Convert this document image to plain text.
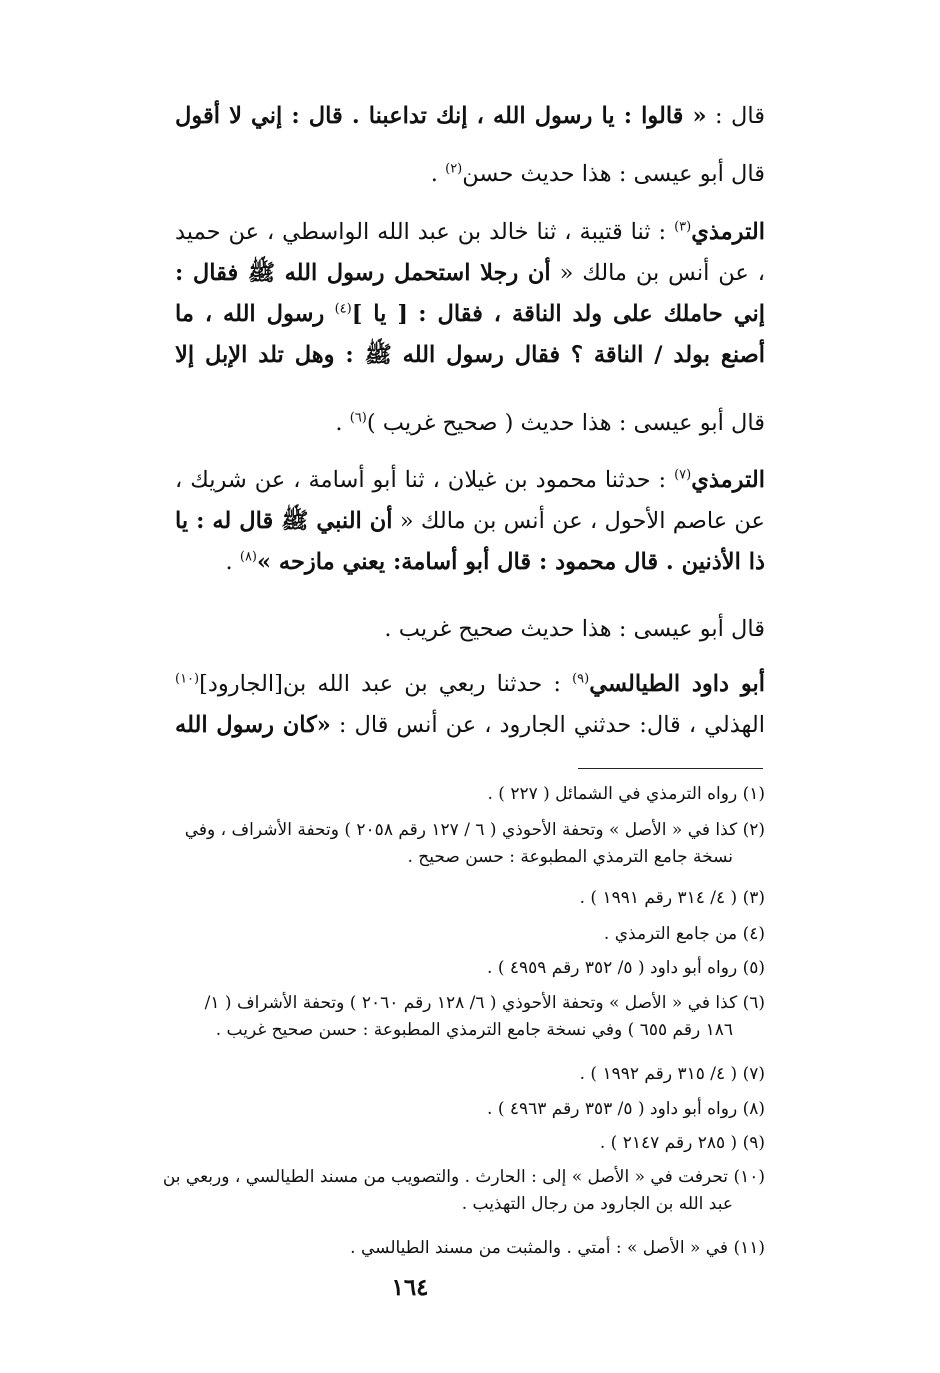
قال : « قالوا : يا رسول الله ، إنك تداعبنا . قال : إني لا أقول
قال أبو عيسى : هذا حديث حسن$^{(٢)}$ .
الترمذي$^{(٣)}$ : ثنا قتيبة ، ثنا خالد بن عبد الله الواسطي ، عن حميد ، عن أنس بن مالك « أن رجلا استحمل رسول الله ﷺ فقال : إني حاملك على ولد الناقة ، فقال : [ يا ]$^{(٤)}$ رسول الله ، ما أصنع بولد / الناقة ؟ فقال رسول الله ﷺ : وهل تلد الإبل إلا
قال أبو عيسى : هذا حديث ( صحيح غريب )$^{(٦)}$ .
الترمذي$^{(٧)}$ : حدثنا محمود بن غيلان ، ثنا أبو أسامة ، عن شريك ، عن عاصم الأحول ، عن أنس بن مالك « أن النبي ﷺ قال له : يا ذا الأذنين . قال محمود : قال أبو أسامة: يعني مازحه »$^{(٨)}$ .
قال أبو عيسى : هذا حديث صحيح غريب .
أبو داود الطيالسي$^{(٩)}$ : حدثنا ربعي بن عبد الله بن[الجارود]$^{(١٠)}$ الهذلي ، قال: حدثني الجارود ، عن أنس قال : «كان رسول الله
(١) رواه الترمذي في الشمائل ( ٢٢٧ ) .
(٢) كذا في « الأصل » وتحفة الأحوذي ( ٦ / ١٢٧ رقم ٢٠٥٨ ) وتحفة الأشراف ، وفي
نسخة جامع الترمذي المطبوعة : حسن صحيح .
(٣) ( ٤/ ٣١٤ رقم ١٩٩١ ) .
(٤) من جامع الترمذي .
(٥) رواه أبو داود ( ٥/ ٣٥٢ رقم ٤٩٥٩ ) .
(٦) كذا في « الأصل » وتحفة الأحوذي ( ٦/ ١٢٨ رقم ٢٠٦٠ ) وتحفة الأشراف ( ١/
١٨٦ رقم ٦٥٥ ) وفي نسخة جامع الترمذي المطبوعة : حسن صحيح غريب .
(٧) ( ٤/ ٣١٥ رقم ١٩٩٢ ) .
(٨) رواه أبو داود ( ٥/ ٣٥٣ رقم ٤٩٦٣ ) .
(٩) ( ٢٨٥ رقم ٢١٤٧ ) .
(١٠) تحرفت في « الأصل » إلى : الحارث . والتصويب من مسند الطيالسي ، وربعي بن
عبد الله بن الجارود من رجال التهذيب .
(١١) في « الأصل » : أمتي . والمثبت من مسند الطيالسي .
١٦٤
